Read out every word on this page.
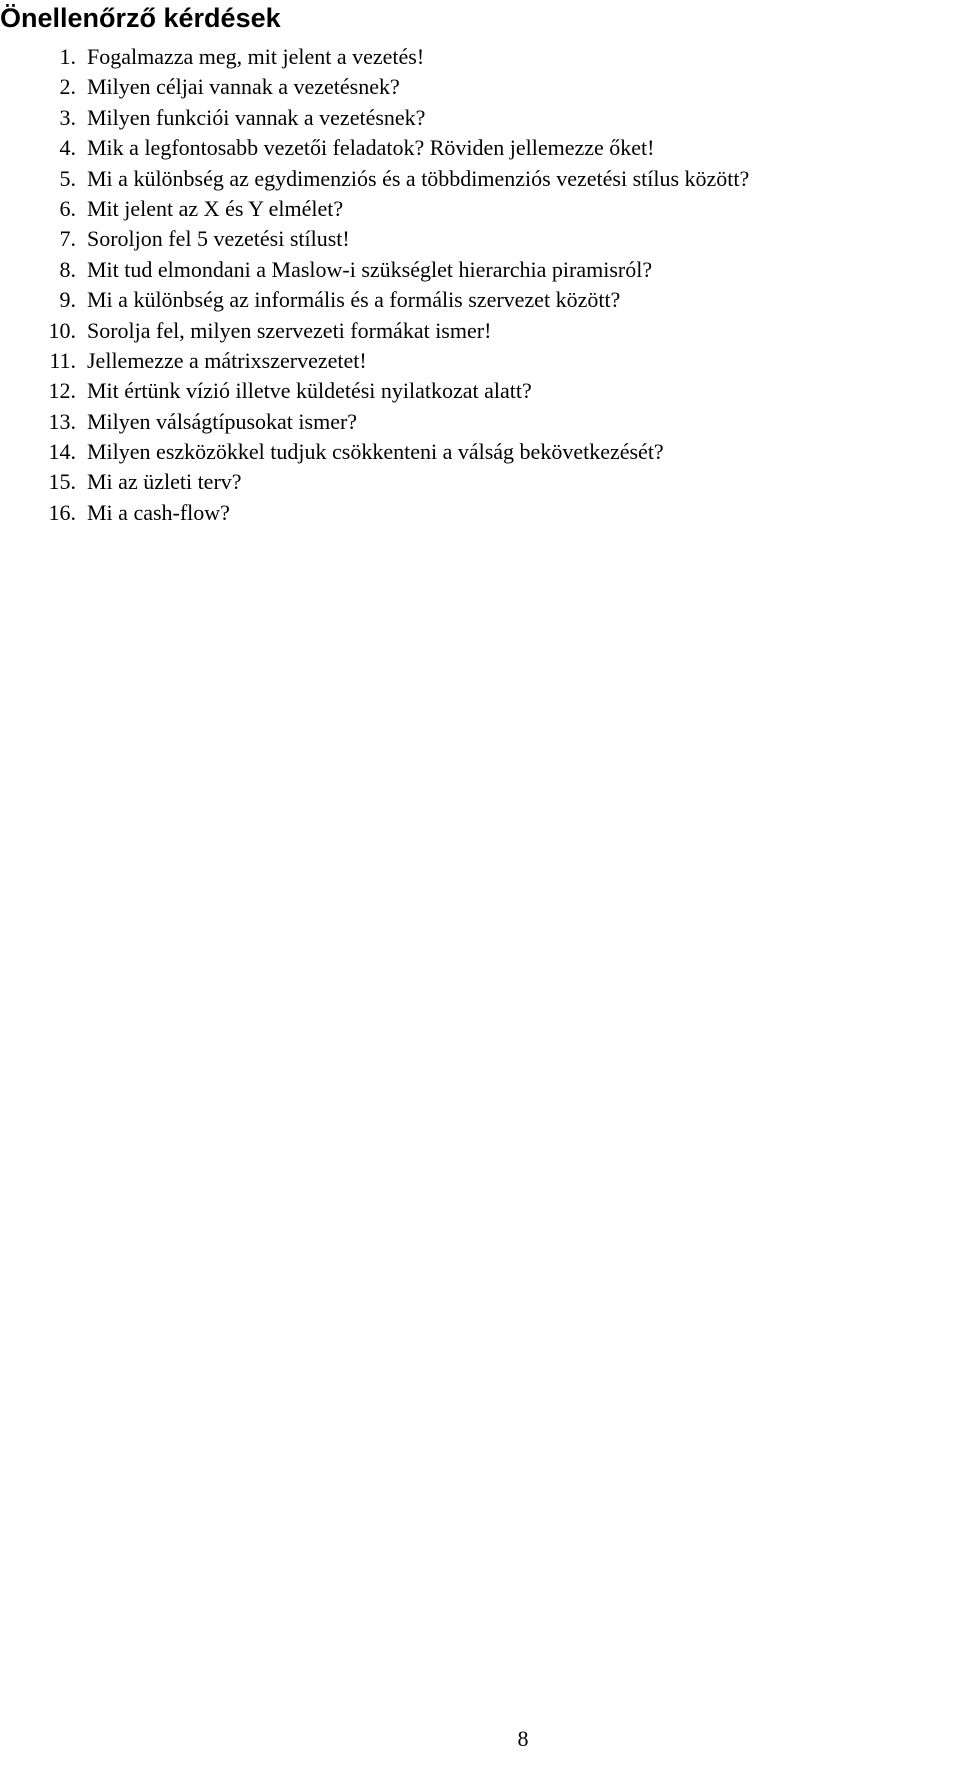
Önellenőrző kérdések
1. Fogalmazza meg, mit jelent a vezetés!
2. Milyen céljai vannak a vezetésnek?
3. Milyen funkciói vannak a vezetésnek?
4. Mik a legfontosabb vezetői feladatok? Röviden jellemezze őket!
5. Mi a különbség az egydimenziós és a többdimenziós vezetési stílus között?
6. Mit jelent az X és Y elmélet?
7. Soroljon fel 5 vezetési stílust!
8. Mit tud elmondani a Maslow-i szükséglet hierarchia piramisról?
9. Mi a különbség az informális és a formális szervezet között?
10. Sorolja fel, milyen szervezeti formákat ismer!
11. Jellemezze a mátrixszervezetet!
12. Mit értünk vízió illetve küldetési nyilatkozat alatt?
13. Milyen válságtípusokat ismer?
14. Milyen eszközökkel tudjuk csökkenteni a válság bekövetkezését?
15. Mi az üzleti terv?
16. Mi a cash-flow?
8
